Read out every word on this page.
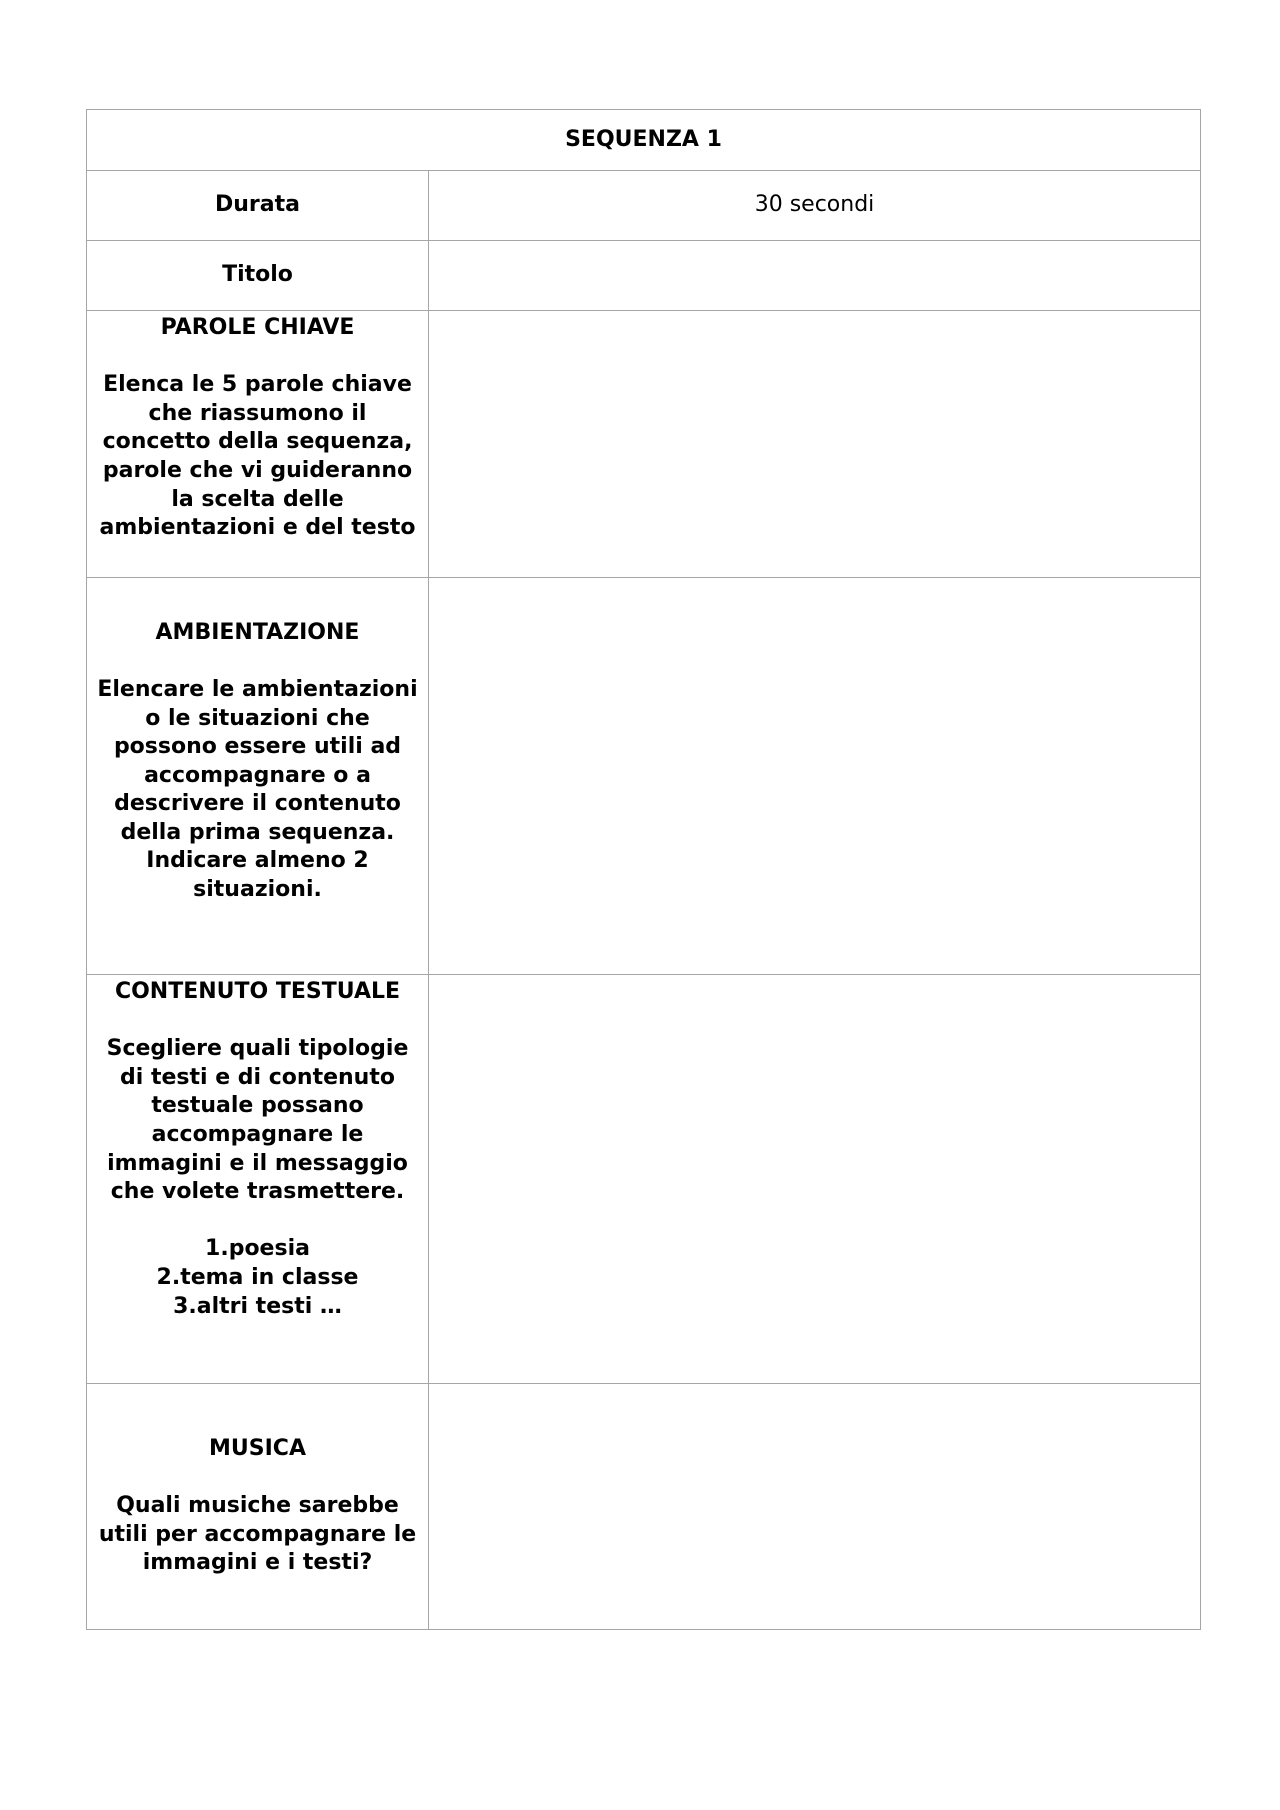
SEQUENZA 1	
Durata	30 secondi
Titolo	

PAROLE CHIAVE
Elenca le 5 parole chiave che riassumono il concetto della sequenza, parole che vi guideranno la scelta delle ambientazioni e del testo	

AMBIENTAZIONE
Elencare le ambientazioni o le situazioni che possono essere utili ad accompagnare o a descrivere il contenuto della prima sequenza. Indicare almeno 2 situazioni.	

CONTENUTO TESTUALE
Scegliere quali tipologie di testi e di contenuto testuale possano accompagnare le immagini e il messaggio che volete trasmettere.
1.poesia
2.tema in classe
3.altri testi …	

MUSICA
Quali musiche sarebbe utili per accompagnare le immagini e i testi?	
